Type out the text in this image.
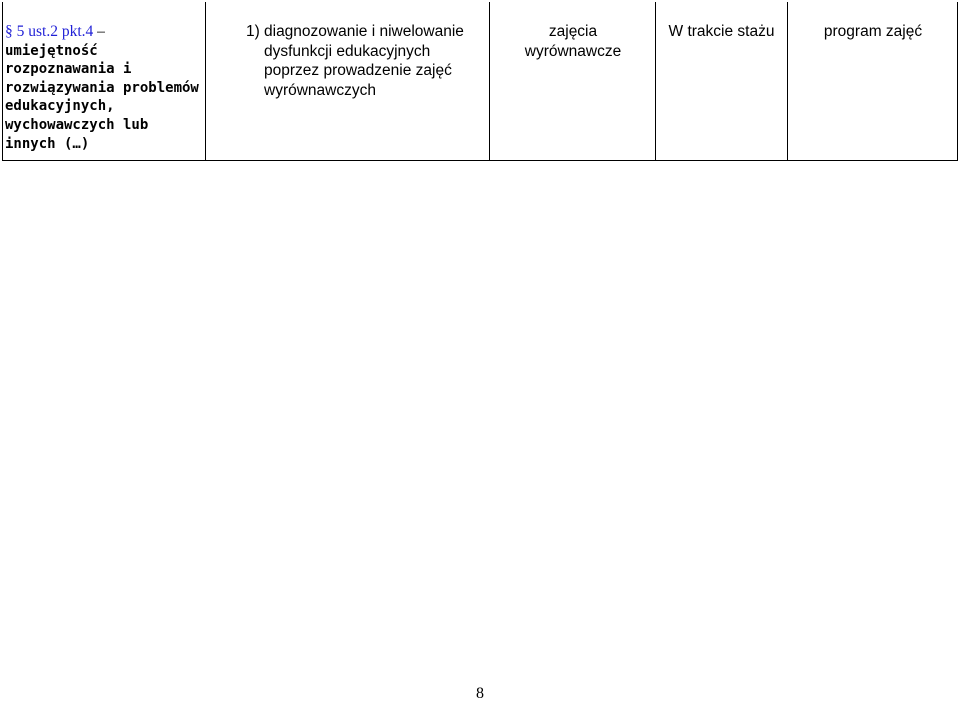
§ 5 ust.2 pkt.4 –
umiejętność
rozpoznawania i
rozwiązywania problemów
edukacyjnych,
wychowawczych lub
innych (…)
1) diagnozowanie i niwelowanie
dysfunkcji edukacyjnych
poprzez prowadzenie zajęć
wyrównawczych
zajęcia
wyrównawcze
W trakcie stażu	program zajęć
8
